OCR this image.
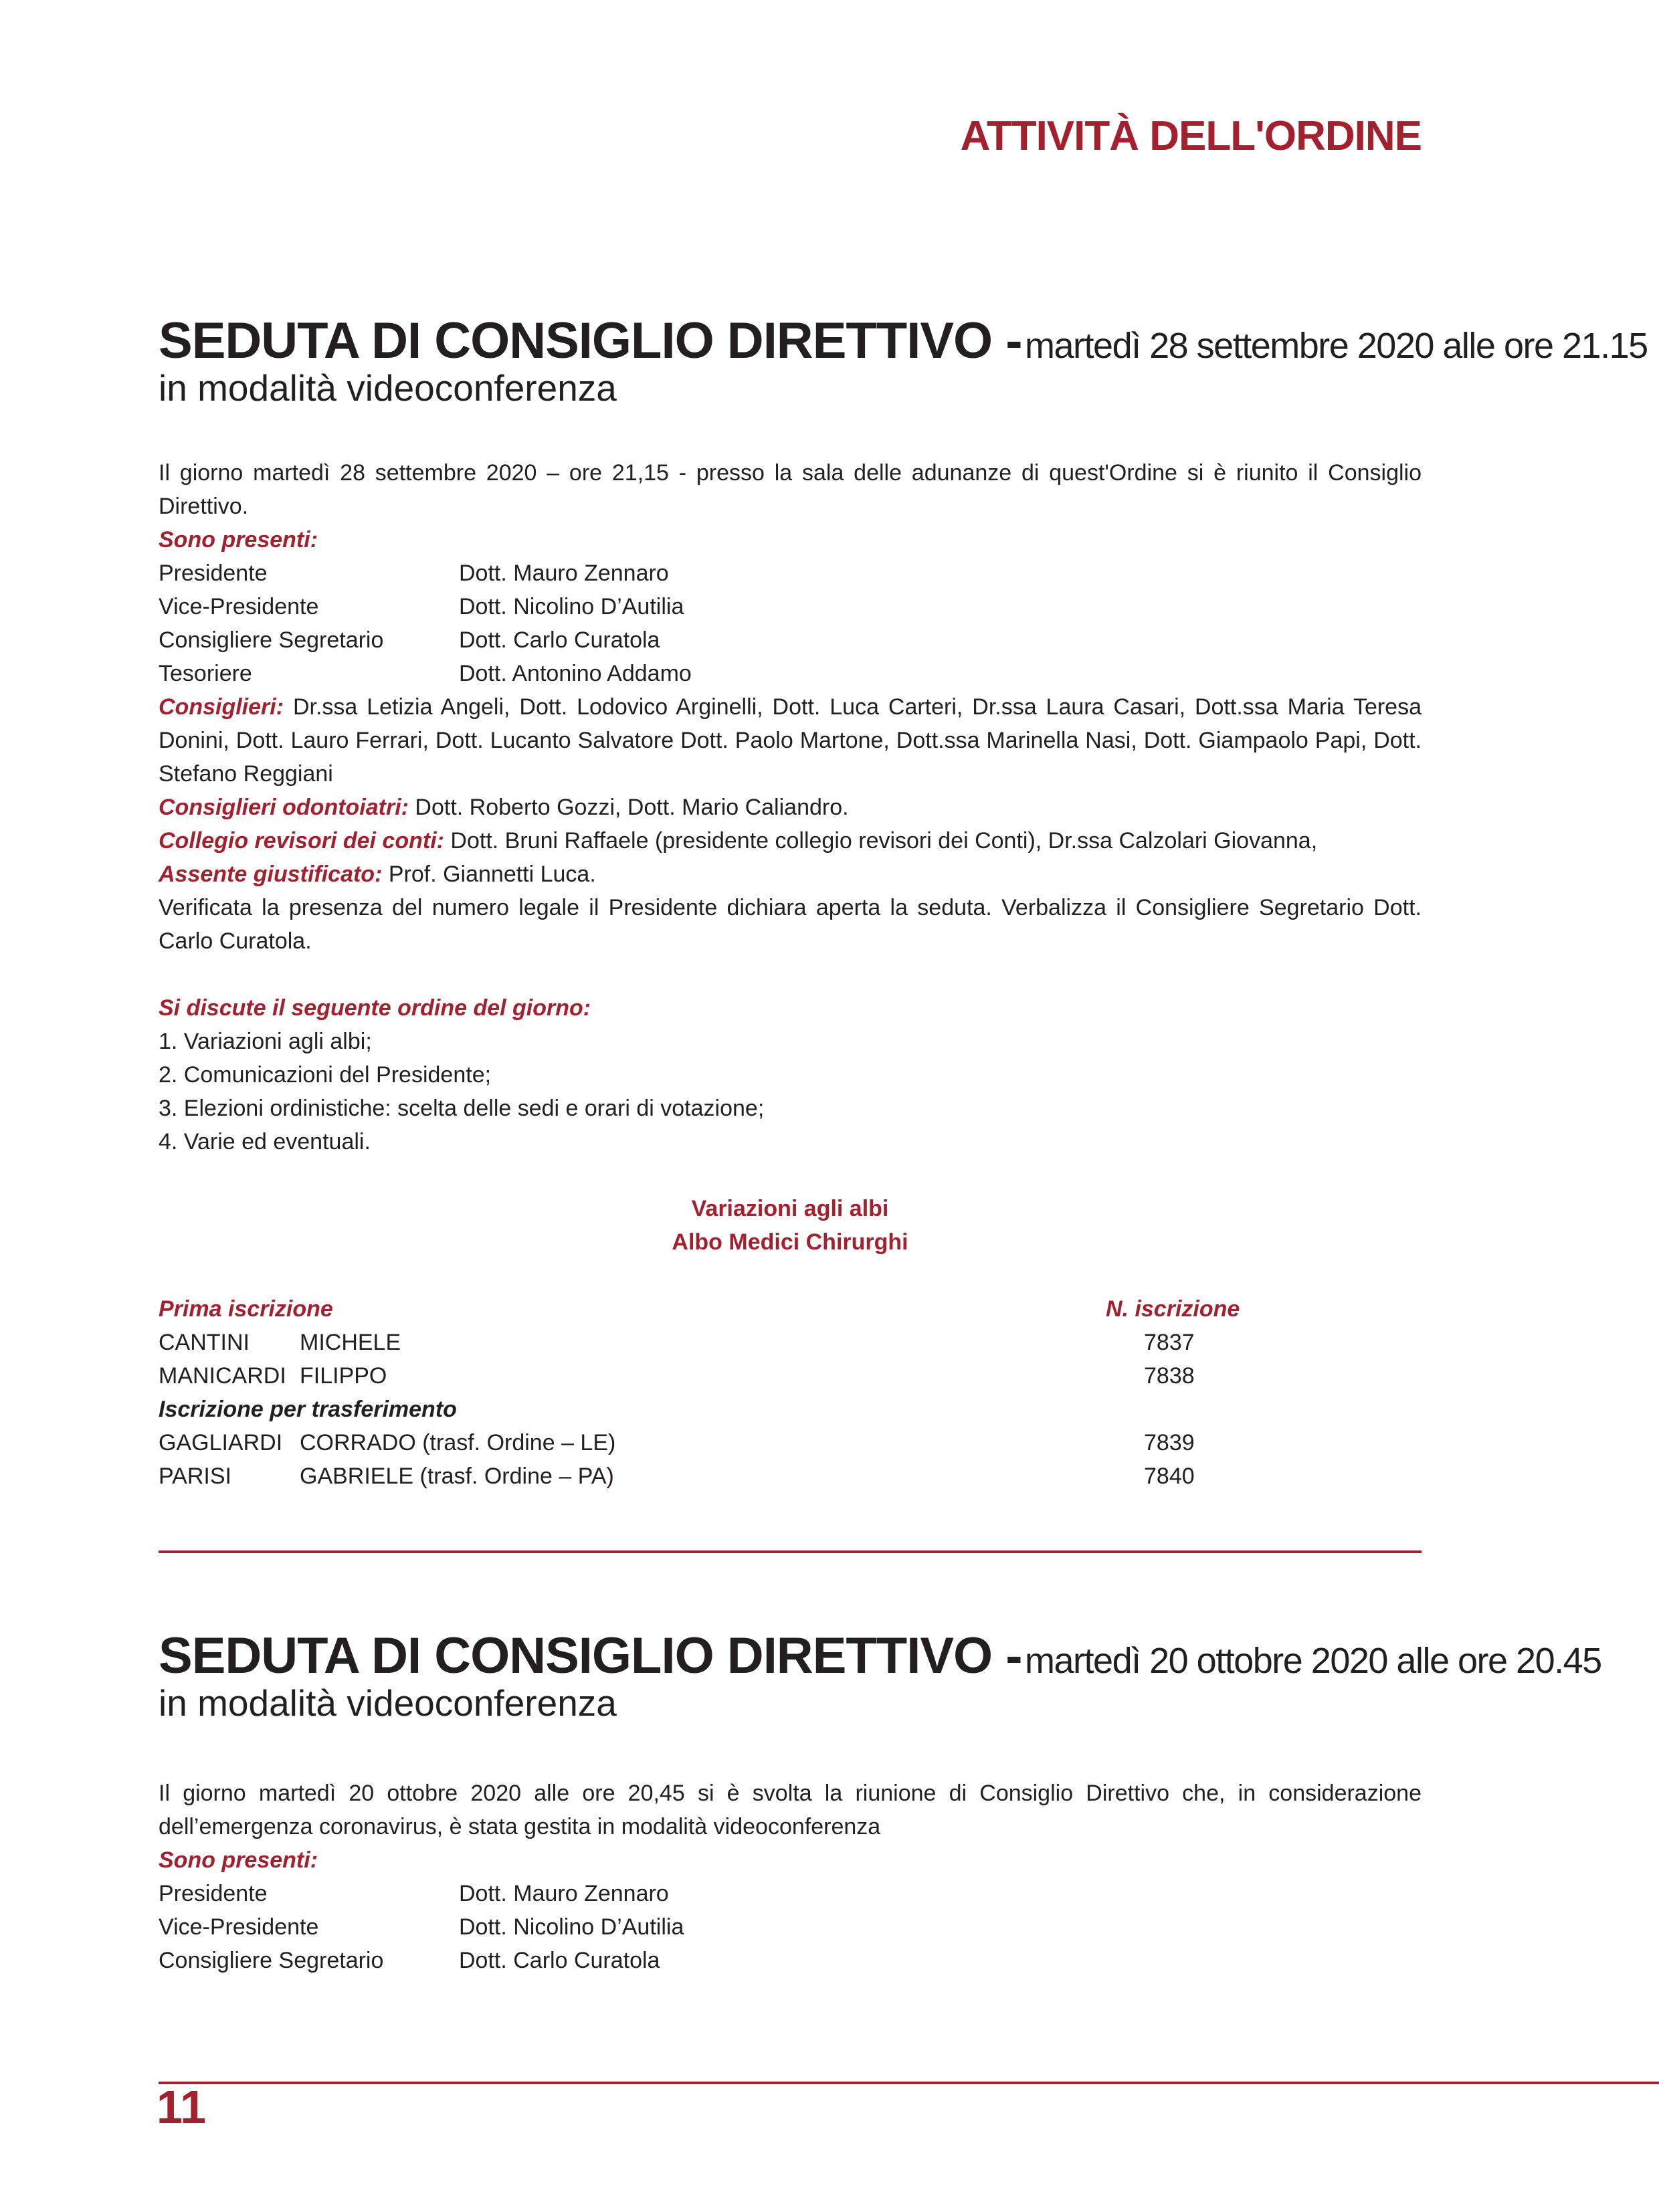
ATTIVITÀ DELL'ORDINE
SEDUTA DI CONSIGLIO DIRETTIVO - martedì 28 settembre 2020 alle ore 21.15
in modalità videoconferenza
Il giorno martedì 28 settembre 2020 – ore 21,15 - presso la sala delle adunanze di quest'Ordine si è riunito il Consiglio Direttivo.
Sono presenti:
Presidente	Dott. Mauro Zennaro
Vice-Presidente	Dott. Nicolino D’Autilia
Consigliere Segretario	Dott. Carlo Curatola
Tesoriere	Dott. Antonino Addamo
Consiglieri: Dr.ssa Letizia Angeli, Dott. Lodovico Arginelli, Dott. Luca Carteri, Dr.ssa Laura Casari, Dott.ssa Maria Teresa Donini, Dott. Lauro Ferrari, Dott. Lucanto Salvatore Dott. Paolo Martone, Dott.ssa Marinella Nasi, Dott. Giampaolo Papi, Dott. Stefano Reggiani
Consiglieri odontoiatri: Dott. Roberto Gozzi, Dott. Mario Caliandro.
Collegio revisori dei conti: Dott. Bruni Raffaele (presidente collegio revisori dei Conti), Dr.ssa Calzolari Giovanna,
Assente giustificato: Prof. Giannetti Luca.
Verificata la presenza del numero legale il Presidente dichiara aperta la seduta. Verbalizza il Consigliere Segretario Dott. Carlo Curatola.
Si discute il seguente ordine del giorno:
1. Variazioni agli albi;
2. Comunicazioni del Presidente;
3. Elezioni ordinistiche: scelta delle sedi e orari di votazione;
4. Varie ed eventuali.
Variazioni agli albi
Albo Medici Chirurghi
Prima iscrizione	N. iscrizione
CANTINI MICHELE	7837
MANICARDI FILIPPO	7838
Iscrizione per trasferimento
GAGLIARDI CORRADO (trasf. Ordine – LE)	7839
PARISI	GABRIELE (trasf. Ordine – PA)	7840
SEDUTA DI CONSIGLIO DIRETTIVO - martedì 20 ottobre 2020 alle ore 20.45
in modalità videoconferenza
Il giorno martedì 20 ottobre 2020 alle ore 20,45 si è svolta la riunione di Consiglio Direttivo che, in considerazione dell’emergenza coronavirus, è stata gestita in modalità videoconferenza
Sono presenti:
Presidente	Dott. Mauro Zennaro
Vice-Presidente	Dott. Nicolino D’Autilia
Consigliere Segretario	Dott. Carlo Curatola
11
